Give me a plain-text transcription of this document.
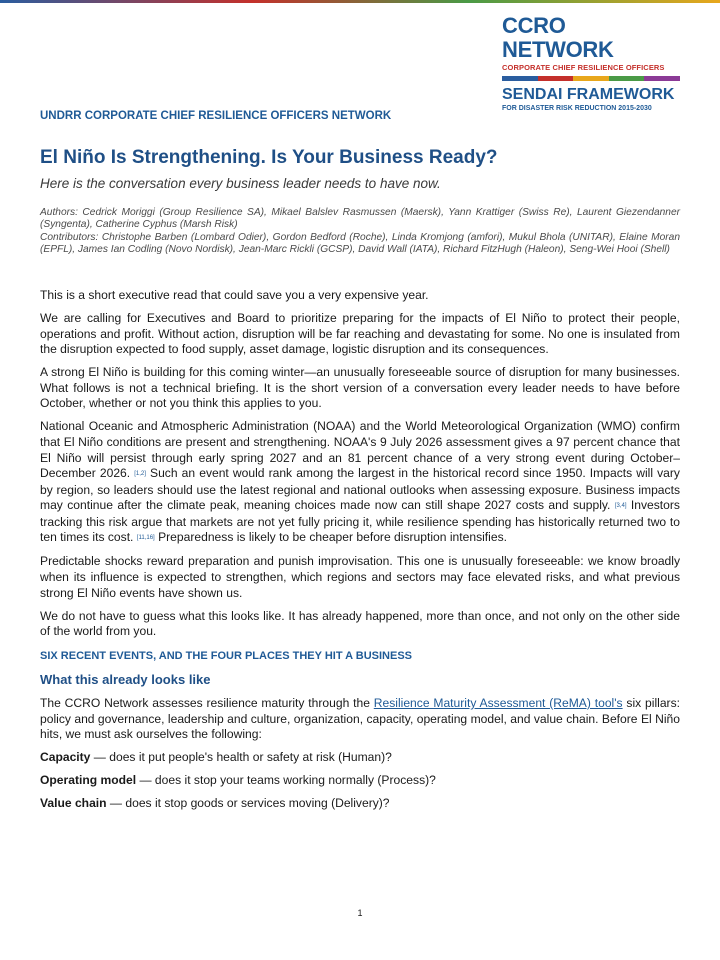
CCRO NETWORK
CORPORATE CHIEF RESILIENCE OFFICERS
SENDAI FRAMEWORK
FOR DISASTER RISK REDUCTION 2015-2030
UNDRR CORPORATE CHIEF RESILIENCE OFFICERS NETWORK
El Niño Is Strengthening. Is Your Business Ready?
Here is the conversation every business leader needs to have now.

Authors: Cedrick Moriggi (Group Resilience SA), Mikael Balslev Rasmussen (Maersk), Yann Krattiger (Swiss Re), Laurent Giezendanner (Syngenta), Catherine Cyphus (Marsh Risk)

Contributors: Christophe Barben (Lombard Odier), Gordon Bedford (Roche), Linda Kromjong (amfori), Mukul Bhola (UNITAR), Elaine Moran (EPFL), James Ian Codling (Novo Nordisk), Jean-Marc Rickli (GCSP), David Wall (IATA), Richard FitzHugh (Haleon), Seng-Wei Hooi (Shell)

This is a short executive read that could save you a very expensive year.

We are calling for Executives and Board to prioritize preparing for the impacts of El Niño to protect their people, operations and profit. Without action, disruption will be far reaching and devastating for some. No one is insulated from the disruption expected to food supply, asset damage, logistic disruption and its consequences.

A strong El Niño is building for this coming winter—an unusually foreseeable source of disruption for many businesses. What follows is not a technical briefing. It is the short version of a conversation every leader needs to have before October, whether or not you think this applies to you.

National Oceanic and Atmospheric Administration (NOAA) and the World Meteorological Organization (WMO) confirm that El Niño conditions are present and strengthening. NOAA's 9 July 2026 assessment gives a 97 percent chance that El Niño will persist through early spring 2027 and an 81 percent chance of a very strong event during October–December 2026. [1,2] Such an event would rank among the largest in the historical record since 1950. Impacts will vary by region, so leaders should use the latest regional and national outlooks when assessing exposure. Business impacts may continue after the climate peak, meaning choices made now can still shape 2027 costs and supply. [3,4] Investors tracking this risk argue that markets are not yet fully pricing it, while resilience spending has historically returned two to ten times its cost. [11,16] Preparedness is likely to be cheaper before disruption intensifies.

Predictable shocks reward preparation and punish improvisation. This one is unusually foreseeable: we know broadly when its influence is expected to strengthen, which regions and sectors may face elevated risks, and what previous strong El Niño events have shown us.

We do not have to guess what this looks like. It has already happened, more than once, and not only on the other side of the world from you.

SIX RECENT EVENTS, AND THE FOUR PLACES THEY HIT A BUSINESS
What this already looks like

The CCRO Network assesses resilience maturity through the Resilience Maturity Assessment (ReMA) tool's six pillars: policy and governance, leadership and culture, organization, capacity, operating model, and value chain. Before El Niño hits, we must ask ourselves the following:

Capacity — does it put people's health or safety at risk (Human)?

Operating model — does it stop your teams working normally (Process)?

Value chain — does it stop goods or services moving (Delivery)?

1
